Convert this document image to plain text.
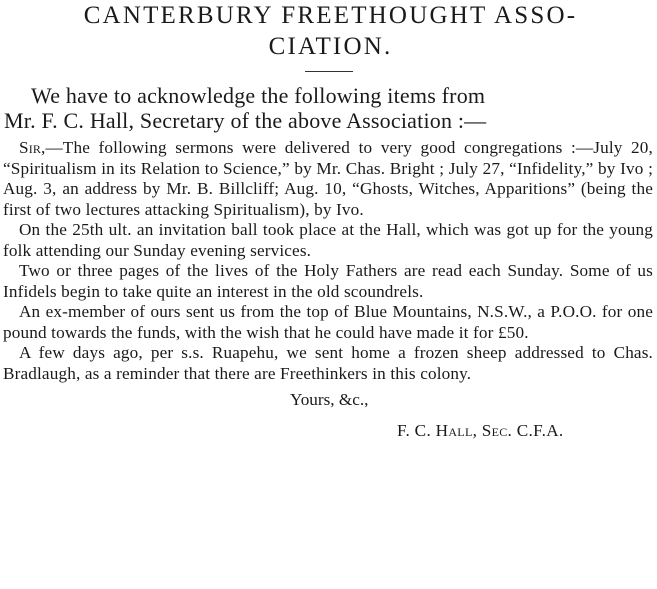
CANTERBURY FREETHOUGHT ASSO-
CIATION.

We have to acknowledge the following items from
Mr. F. C. Hall, Secretary of the above Association :—

Sir,—The following sermons were delivered to very good congregations :—July 20, “Spiritualism in its Relation to Science,” by Mr. Chas. Bright ; July 27, “Infidelity,” by Ivo ; Aug. 3, an address by Mr. B. Billcliff; Aug. 10, “Ghosts, Witches, Apparitions” (being the first of two lectures attacking Spiritualism), by Ivo.

On the 25th ult. an invitation ball took place at the Hall, which was got up for the young folk attending our Sunday evening services.

Two or three pages of the lives of the Holy Fathers are read each Sunday. Some of us Infidels begin to take quite an interest in the old scoundrels.

An ex-member of ours sent us from the top of Blue Mountains, N.S.W., a P.O.O. for one pound towards the funds, with the wish that he could have made it for £50.

A few days ago, per s.s. Ruapehu, we sent home a frozen sheep addressed to Chas. Bradlaugh, as a reminder that there are Freethinkers in this colony.

Yours, &c.,

F. C. Hall, Sec. C.F.A.
